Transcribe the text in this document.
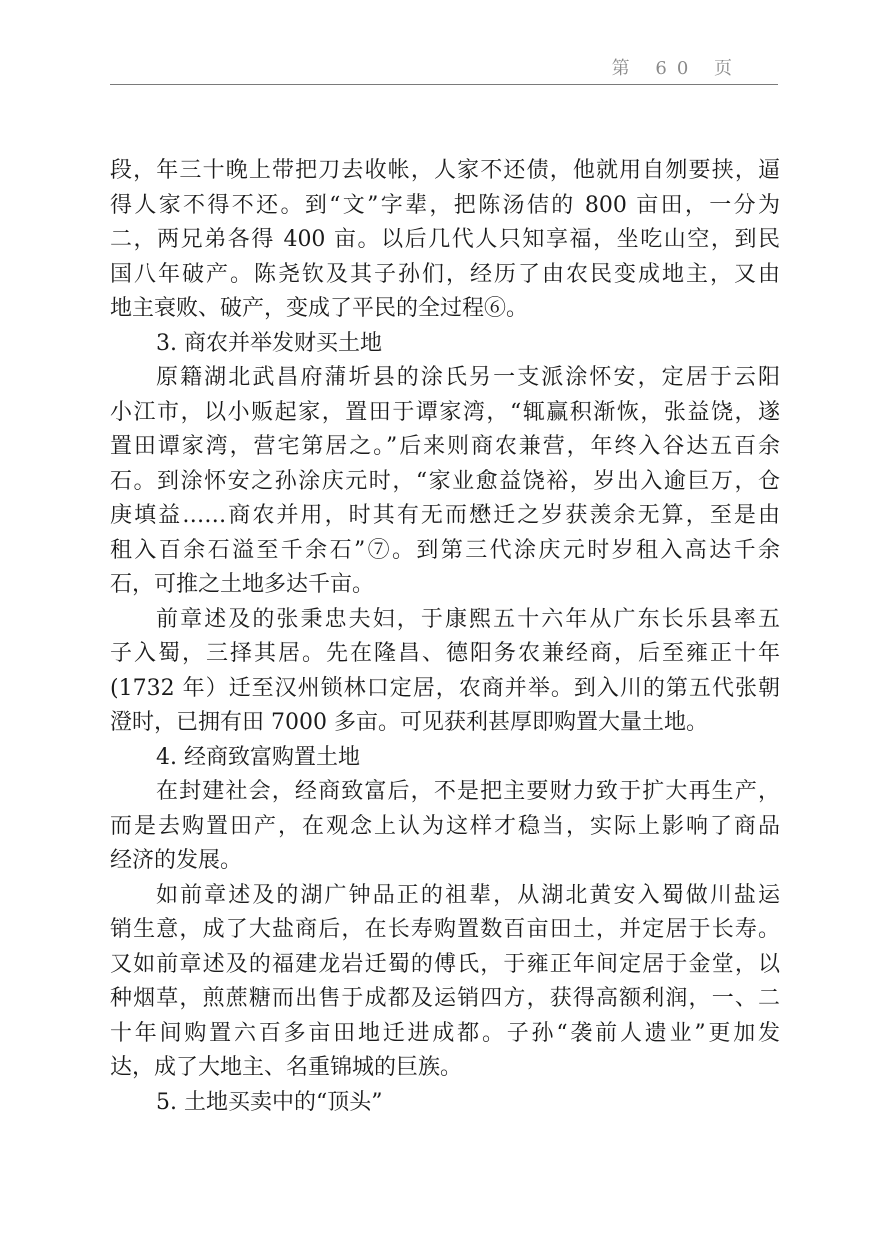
第 60 页
段，年三十晚上带把刀去收帐，人家不还债，他就用自刎要挟，逼
得人家不得不还。到“文”字辈，把陈汤佶的 800 亩田，一分为
二，两兄弟各得 400 亩。以后几代人只知享福，坐吃山空，到民
国八年破产。陈尧钦及其子孙们，经历了由农民变成地主，又由
地主衰败、破产，变成了平民的全过程⑥。
3. 商农并举发财买土地
原籍湖北武昌府蒲圻县的涂氏另一支派涂怀安，定居于云阳
小江市，以小贩起家，置田于谭家湾，“辄赢积渐恢，张益饶，遂
置田谭家湾，营宅第居之。”后来则商农兼营，年终入谷达五百余
石。到涂怀安之孙涂庆元时，“家业愈益饶裕，岁出入逾巨万，仓
庚填益……商农并用，时其有无而懋迁之岁获羡余无算，至是由
租入百余石溢至千余石”⑦。到第三代涂庆元时岁租入高达千余
石，可推之土地多达千亩。
前章述及的张秉忠夫妇，于康熙五十六年从广东长乐县率五
子入蜀，三择其居。先在隆昌、德阳务农兼经商，后至雍正十年
(1732 年）迁至汉州锁林口定居，农商并举。到入川的第五代张朝
澄时，已拥有田 7000 多亩。可见获利甚厚即购置大量土地。
4. 经商致富购置土地
在封建社会，经商致富后，不是把主要财力致于扩大再生产，
而是去购置田产，在观念上认为这样才稳当，实际上影响了商品
经济的发展。
如前章述及的湖广钟品正的祖辈，从湖北黄安入蜀做川盐运
销生意，成了大盐商后，在长寿购置数百亩田土，并定居于长寿。
又如前章述及的福建龙岩迁蜀的傅氏，于雍正年间定居于金堂，以
种烟草，煎蔗糖而出售于成都及运销四方，获得高额利润，一、二
十年间购置六百多亩田地迁进成都。子孙“袭前人遗业”更加发
达，成了大地主、名重锦城的巨族。
5. 土地买卖中的“顶头”
